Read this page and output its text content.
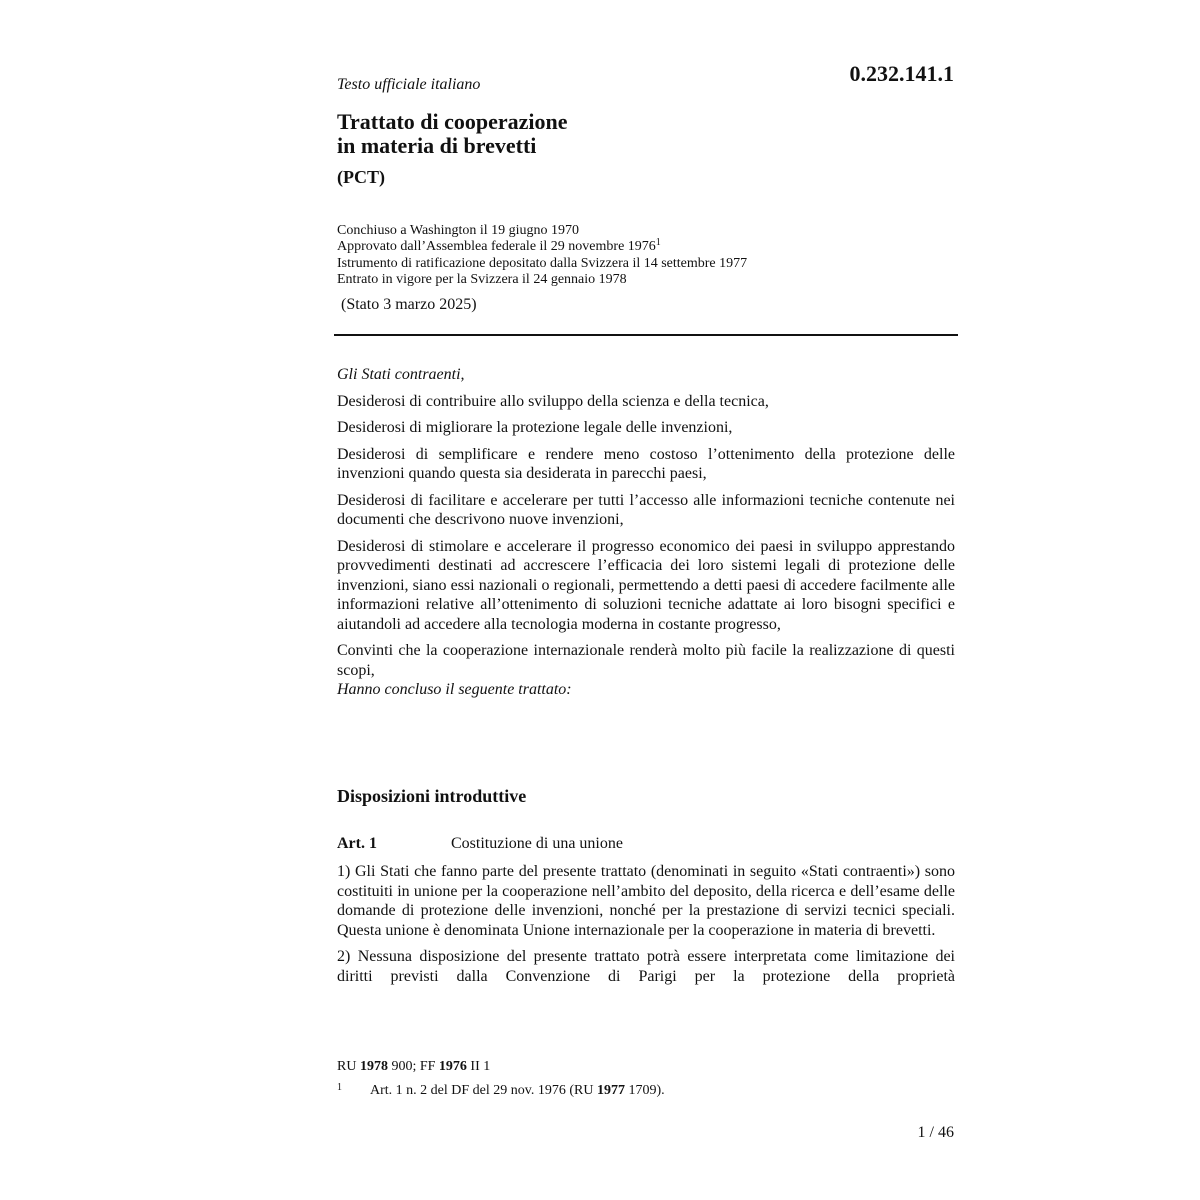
0.232.141.1
Testo ufficiale italiano
Trattato di cooperazione
in materia di brevetti
(PCT)
Conchiuso a Washington il 19 giugno 1970
Approvato dall’Assemblea federale il 29 novembre 1976$^1$
Istrumento di ratificazione depositato dalla Svizzera il 14 settembre 1977
Entrato in vigore per la Svizzera il 24 gennaio 1978
(Stato 3 marzo 2025)

Gli Stati contraenti,

Desiderosi di contribuire allo sviluppo della scienza e della tecnica,

Desiderosi di migliorare la protezione legale delle invenzioni,

Desiderosi di semplificare e rendere meno costoso l’ottenimento della protezione delle invenzioni quando questa sia desiderata in parecchi paesi,

Desiderosi di facilitare e accelerare per tutti l’accesso alle informazioni tecniche contenute nei documenti che descrivono nuove invenzioni,

Desiderosi di stimolare e accelerare il progresso economico dei paesi in sviluppo apprestando provvedimenti destinati ad accrescere l’efficacia dei loro sistemi legali di protezione delle invenzioni, siano essi nazionali o regionali, permettendo a detti paesi di accedere facilmente alle informazioni relative all’ottenimento di soluzioni tecniche adattate ai loro bisogni specifici e aiutandoli ad accedere alla tecnologia moderna in costante progresso,

Convinti che la cooperazione internazionale renderà molto più facile la realizzazione di questi scopi,

Hanno concluso il seguente trattato:

Disposizioni introduttive
Art. 1	Costituzione di una unione

1) Gli Stati che fanno parte del presente trattato (denominati in seguito «Stati contraenti») sono costituiti in unione per la cooperazione nell’ambito del deposito, della ricerca e dell’esame delle domande di protezione delle invenzioni, nonché per la prestazione di servizi tecnici speciali. Questa unione è denominata Unione internazionale per la cooperazione in materia di brevetti.

2) Nessuna disposizione del presente trattato potrà essere interpretata come limitazione dei diritti previsti dalla Convenzione di Parigi per la protezione della proprietà

RU 1978 900; FF 1976 II 1
1 Art. 1 n. 2 del DF del 29 nov. 1976 (RU 1977 1709).
1 / 46
